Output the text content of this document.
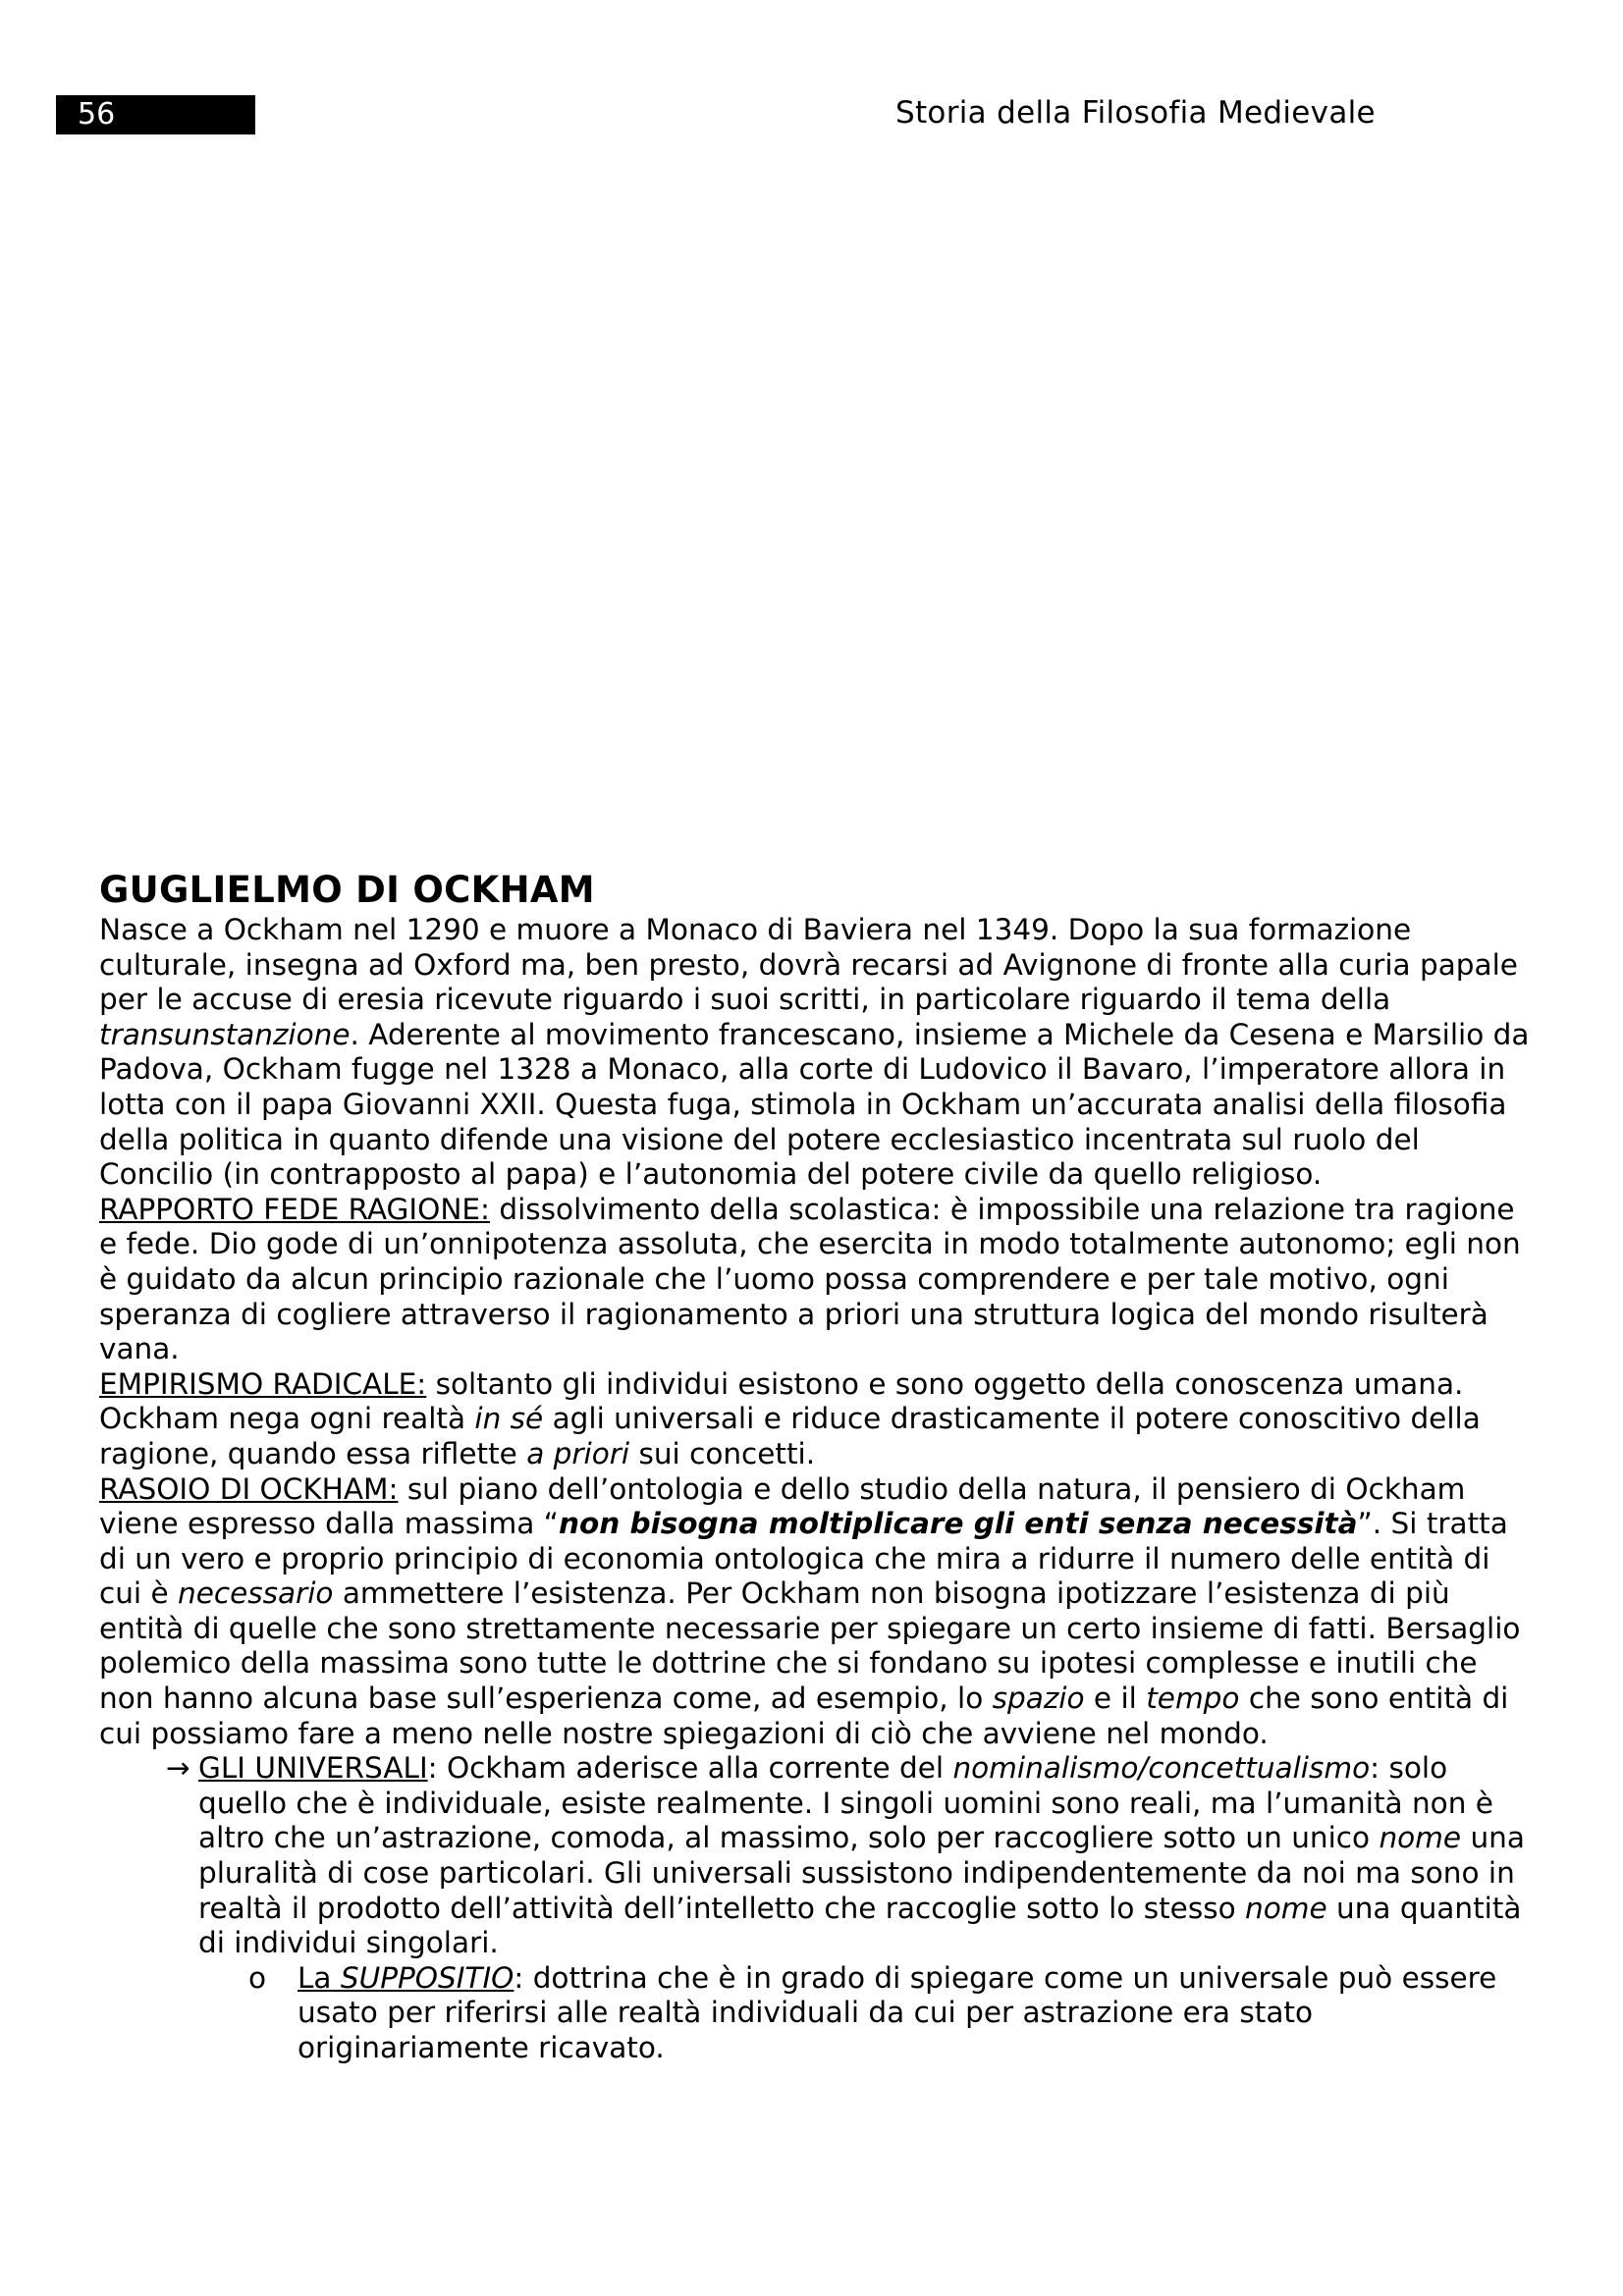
56	Storia della Filosofia Medievale
GUGLIELMO DI OCKHAM

Nasce a Ockham nel 1290 e muore a Monaco di Baviera nel 1349. Dopo la sua formazione culturale, insegna ad Oxford ma, ben presto, dovrà recarsi ad Avignone di fronte alla curia papale per le accuse di eresia ricevute riguardo i suoi scritti, in particolare riguardo il tema della transunstanzione. Aderente al movimento francescano, insieme a Michele da Cesena e Marsilio da Padova, Ockham fugge nel 1328 a Monaco, alla corte di Ludovico il Bavaro, l’imperatore allora in lotta con il papa Giovanni XXII. Questa fuga, stimola in Ockham un’accurata analisi della filosofia della politica in quanto difende una visione del potere ecclesiastico incentrata sul ruolo del Concilio (in contrapposto al papa) e l’autonomia del potere civile da quello religioso.

RAPPORTO FEDE RAGIONE: dissolvimento della scolastica: è impossibile una relazione tra ragione e fede. Dio gode di un’onnipotenza assoluta, che esercita in modo totalmente autonomo; egli non è guidato da alcun principio razionale che l’uomo possa comprendere e per tale motivo, ogni speranza di cogliere attraverso il ragionamento a priori una struttura logica del mondo risulterà vana.

EMPIRISMO RADICALE: soltanto gli individui esistono e sono oggetto della conoscenza umana. Ockham nega ogni realtà in sé agli universali e riduce drasticamente il potere conoscitivo della ragione, quando essa riflette a priori sui concetti.

RASOIO DI OCKHAM: sul piano dell’ontologia e dello studio della natura, il pensiero di Ockham viene espresso dalla massima “non bisogna moltiplicare gli enti senza necessità”. Si tratta di un vero e proprio principio di economia ontologica che mira a ridurre il numero delle entità di cui è necessario ammettere l’esistenza. Per Ockham non bisogna ipotizzare l’esistenza di più entità di quelle che sono strettamente necessarie per spiegare un certo insieme di fatti. Bersaglio polemico della massima sono tutte le dottrine che si fondano su ipotesi complesse e inutili che non hanno alcuna base sull’esperienza come, ad esempio, lo spazio e il tempo che sono entità di cui possiamo fare a meno nelle nostre spiegazioni di ciò che avviene nel mondo.

→ GLI UNIVERSALI: Ockham aderisce alla corrente del nominalismo/concettualismo: solo quello che è individuale, esiste realmente. I singoli uomini sono reali, ma l’umanità non è altro che un’astrazione, comoda, al massimo, solo per raccogliere sotto un unico nome una pluralità di cose particolari. Gli universali sussistono indipendentemente da noi ma sono in realtà il prodotto dell’attività dell’intelletto che raccoglie sotto lo stesso nome una quantità di individui singolari.
o La SUPPOSITIO: dottrina che è in grado di spiegare come un universale può essere usato per riferirsi alle realtà individuali da cui per astrazione era stato originariamente ricavato.
